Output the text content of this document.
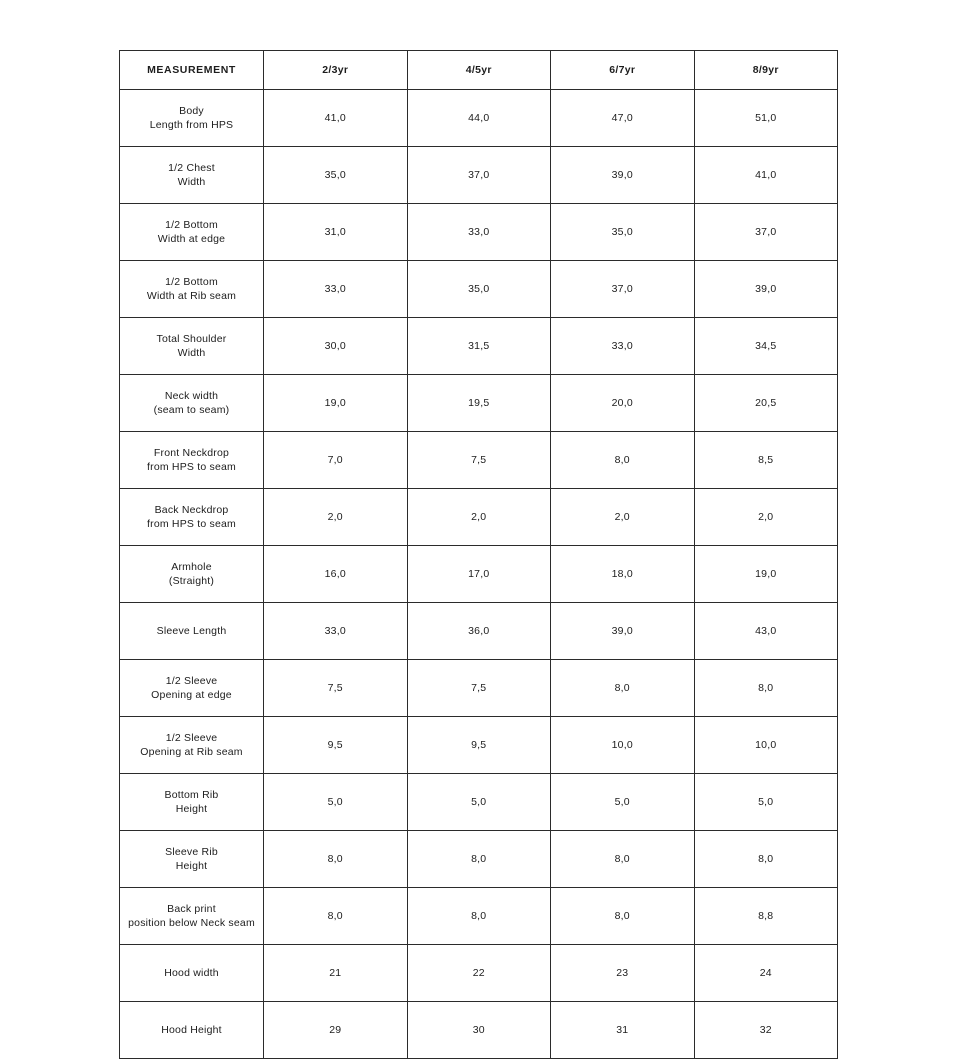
MEASUREMENT	2/3yr	4/5yr	6/7yr	8/9yr

Body
Length from HPS	41,0	44,0	47,0	51,0

1/2 Chest
Width	35,0	37,0	39,0	41,0

1/2 Bottom
Width at edge	31,0	33,0	35,0	37,0

1/2 Bottom
Width at Rib seam	33,0	35,0	37,0	39,0

Total Shoulder
Width	30,0	31,5	33,0	34,5

Neck width
(seam to seam)	19,0	19,5	20,0	20,5

Front Neckdrop
from HPS to seam	7,0	7,5	8,0	8,5

Back Neckdrop
from HPS to seam	2,0	2,0	2,0	2,0

Armhole
(Straight)	16,0	17,0	18,0	19,0

Sleeve Length	33,0	36,0	39,0	43,0

1/2 Sleeve
Opening at edge	7,5	7,5	8,0	8,0

1/2 Sleeve
Opening at Rib seam	9,5	9,5	10,0	10,0

Bottom Rib
Height	5,0	5,0	5,0	5,0

Sleeve Rib
Height	8,0	8,0	8,0	8,0

Back print
position below Neck seam	8,0	8,0	8,0	8,8

Hood width	21	22	23	24

Hood Height	29	30	31	32
